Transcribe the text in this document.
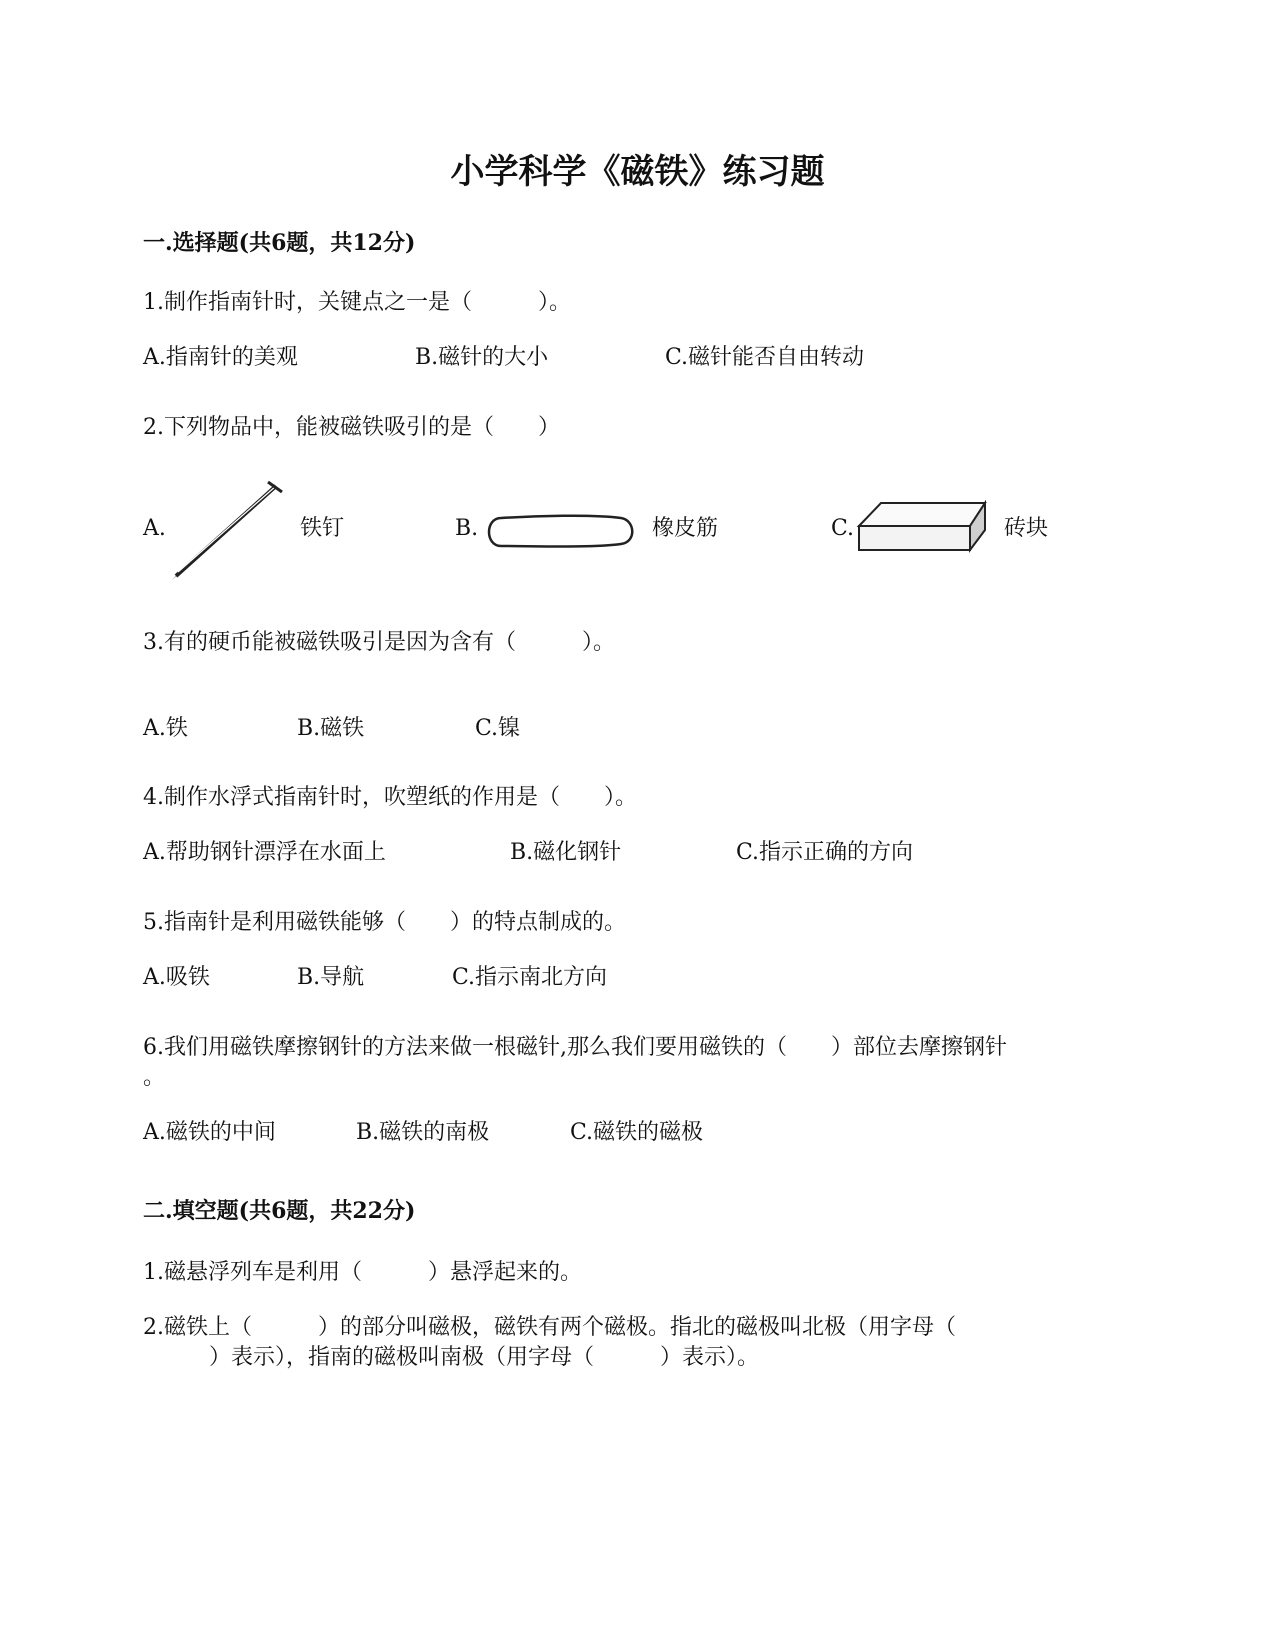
小学科学《磁铁》练习题
一.选择题(共6题，共12分)
1.制作指南针时，关键点之一是（　　　）。
A.指南针的美观	B.磁针的大小	C.磁针能否自由转动
2.下列物品中，能被磁铁吸引的是（　　）
A.	铁钉	B.	橡皮筋	C.	砖块
3.有的硬币能被磁铁吸引是因为含有（　　　）。
A.铁	B.磁铁	C.镍
4.制作水浮式指南针时，吹塑纸的作用是（　　）。
A.帮助钢针漂浮在水面上	B.磁化钢针	C.指示正确的方向
5.指南针是利用磁铁能够（　　）的特点制成的。
A.吸铁	B.导航	C.指示南北方向
6.我们用磁铁摩擦钢针的方法来做一根磁针,那么我们要用磁铁的（　　）部位去摩擦钢针
。
A.磁铁的中间	B.磁铁的南极	C.磁铁的磁极
二.填空题(共6题，共22分)
1.磁悬浮列车是利用（　　　）悬浮起来的。
2.磁铁上（　　　）的部分叫磁极，磁铁有两个磁极。指北的磁极叫北极（用字母（
　　　）表示），指南的磁极叫南极（用字母（　　　）表示）。
